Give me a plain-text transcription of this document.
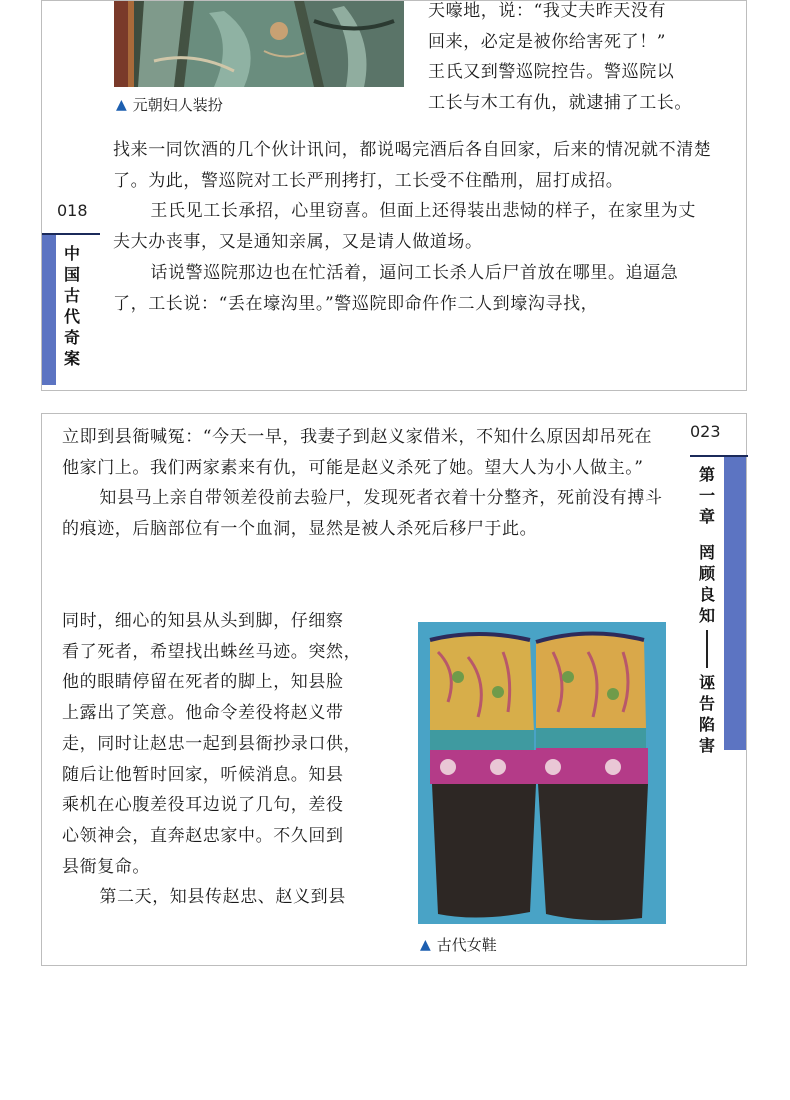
▲ 元朝妇人装扮

天嚎地，说：“我丈夫昨天没有

回来，必定是被你给害死了！”

王氏又到警巡院控告。警巡院以

工长与木工有仇，就逮捕了工长。

找来一同饮酒的几个伙计讯问，都说喝完酒后各自回家，后来的情况就不清楚了。为此，警巡院对工长严刑拷打，工长受不住酷刑，屈打成招。

王氏见工长承招，心里窃喜。但面上还得装出悲恸的样子，在家里为丈夫大办丧事，又是通知亲属，又是请人做道场。

话说警巡院那边也在忙活着，逼问工长杀人后尸首放在哪里。追逼急了，工长说：“丢在壕沟里。”警巡院即命仵作二人到壕沟寻找，

018
中国古代奇案

立即到县衙喊冤：“今天一早，我妻子到赵义家借米，不知什么原因却吊死在他家门上。我们两家素来有仇，可能是赵义杀死了她。望大人为小人做主。”

知县马上亲自带领差役前去验尸，发现死者衣着十分整齐，死前没有搏斗的痕迹，后脑部位有一个血洞，显然是被人杀死后移尸于此。

同时，细心的知县从头到脚，仔细察

看了死者，希望找出蛛丝马迹。突然，

他的眼睛停留在死者的脚上，知县脸

上露出了笑意。他命令差役将赵义带

走，同时让赵忠一起到县衙抄录口供，

随后让他暂时回家，听候消息。知县

乘机在心腹差役耳边说了几句，差役

心领神会，直奔赵忠家中。不久回到

县衙复命。

第二天，知县传赵忠、赵义到县

▲ 古代女鞋
023
第一章
罔顾良知
诬告陷害
